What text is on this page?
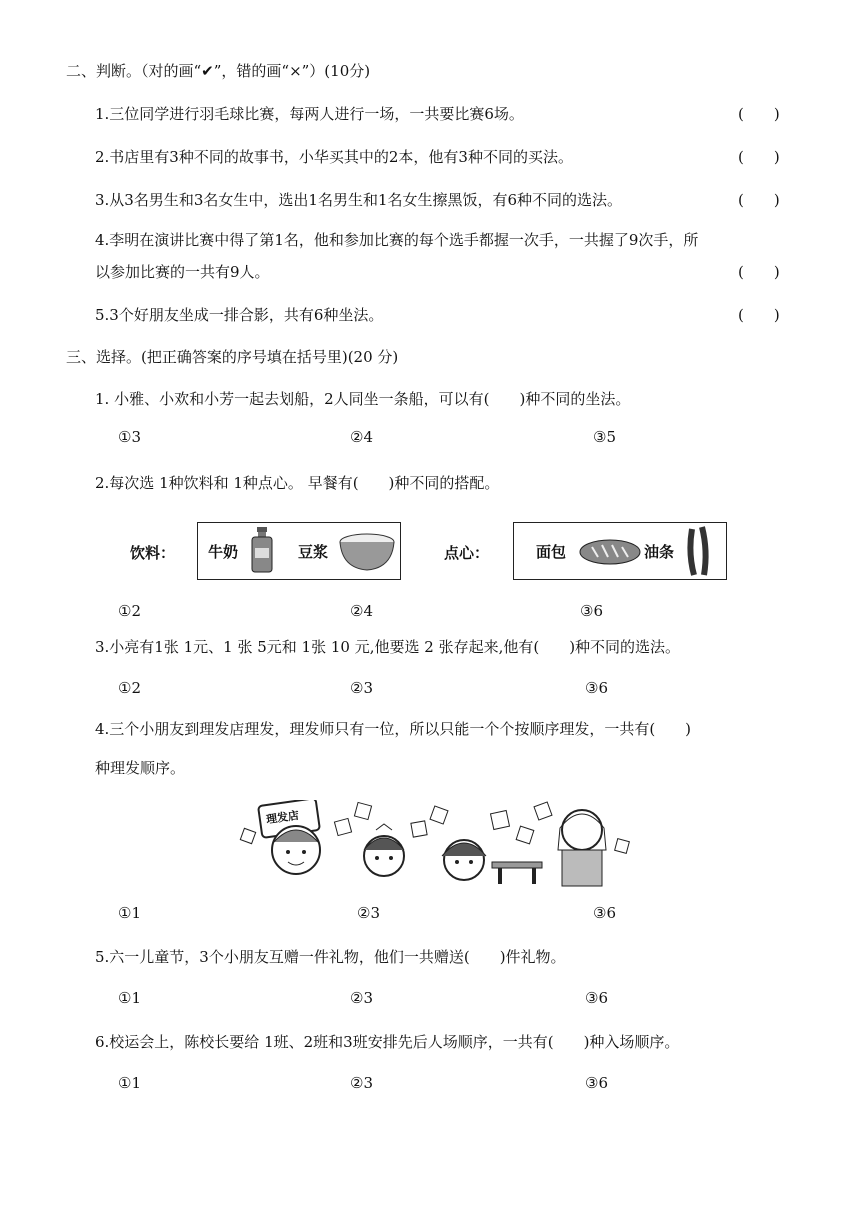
二、判断。（对的画“✔”，错的画“×”）(10分)
1.三位同学进行羽毛球比赛，每两人进行一场，一共要比赛6场。	(　　)
2.书店里有3种不同的故事书，小华买其中的2本，他有3种不同的买法。	(　　)
3.从3名男生和3名女生中，选出1名男生和1名女生擦黑饭，有6种不同的选法。	(　　)
4.李明在演讲比赛中得了第1名，他和参加比赛的每个选手都握一次手，一共握了9次手，所
以参加比赛的一共有9人。	(　　)
5.3个好朋友坐成一排合影，共有6种坐法。	(　　)
三、选择。(把正确答案的序号填在括号里)(20 分)
1. 小雅、小欢和小芳一起去划船，2人同坐一条船，可以有(　　)种不同的坐法。
①3	②4	③5
2.每次选 1种饮料和 1种点心。 早餐有(　　)种不同的搭配。
饮料： 牛奶	豆浆	点心：	面包	油条
①2	②4	③6
3.小亮有1张 1元、1 张 5元和 1张 10 元,他要选 2 张存起来,他有(　　)种不同的选法。
①2	②3	③6
4.三个小朋友到理发店理发，理发师只有一位，所以只能一个个按顺序理发，一共有(　　)
种理发顺序。
理发店
①1	②3	③6
5.六一儿童节，3个小朋友互赠一件礼物，他们一共赠送(　　)件礼物。
①1	②3	③6
6.校运会上，陈校长要给 1班、2班和3班安排先后人场顺序，一共有(　　)种入场顺序。
①1	②3	③6
